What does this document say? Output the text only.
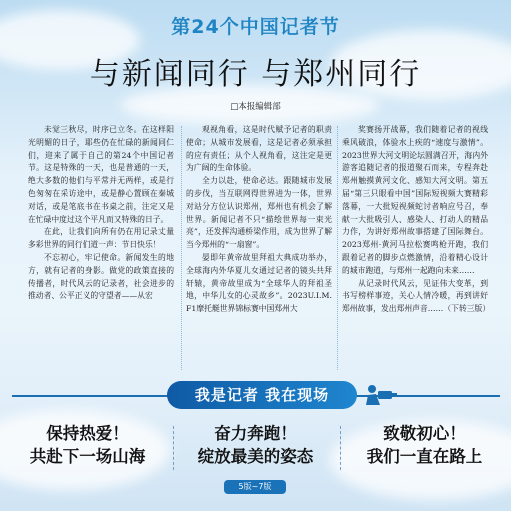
第24个中国记者节
与新闻同行 与郑州同行
□本报编辑部

未觉三秋尽，时序已立冬。在这样阳光明媚的日子，耶些仍在忙碌的新闻同仁们，迎来了属于自己的第24个中国记者节。这是特殊的一天，也是普通的一天，绝大多数的他们与平常并无两样，或是行色匆匆在采访途中，或是静心置顾在秦城对话，或是笔底书在书桌之前，注定又是在忙碌中度过这个平凡而又特殊的日子。

在此，让我们向所有仍在用记录丈量多彩世界的同行们道一声：节日快乐！

不忘初心，牢记使命。新闻发生的地方，就有记者的身影。做党的政策直接的传播者，时代风云的记录者，社会进步的推动者、公平正义的守望者——从宏

观视角看，这是时代赋予记者的职责使命；从城市发展看，这是记者必须承担的应有责任；从个人视角看，这注定是更为广阔的生命体验。

全力以赴，使命必达。跟随城市发展的步伐，当互联网得世界进为一体，世界对站分方位认识郑州，郑州也有机会了解世界。新闻记者不只“描绘世界每一束光亮”，还发挥沟通桥梁作用，成为世界了解当今郑州的“一扇窗”。

晏即年黄帝故里拜祖大典成功举办，全球海内外华夏儿女通过记者的镜头共拜轩辕，黄帝故里成为“全球华人的拜祖圣地，中华儿女的心灵故乡”。2023U.I.M. F1摩托艇世界锦标赛中国郑州大

奖赛扬开战幕，我们随着记者的视线乘风破浪，体验水上疾的“速度与激情”。2023世界大河文明论坛圆满召开，海内外游客追随记者的报道聚石而来，专程奔赴郑州触摸黄河文化、感知大河文明。第五届“第三只眼看中国”国际短视频大赛精彩落幕，一大批短视频蛇讨者响应号召，奉献一大批吸引人、感染人、打动人的精品力作，为讲好郑州故事搭建了国际舞台。2023郑州·黄河马拉松赛鸣枪开跑，我们跟着记者的脚步点燃激情，沿着精心设计的城市跑道，与郑州一起跑向未来……

从记录时代风云，见证伟大变革，到书写榜样事迹，关心人情冷暖，再到讲好郑州故事，发出郑州声音……（下转三版）

我是记者 我在现场
保持热爱！
共赴下一场山海
奋力奔跑！
绽放最美的姿态
致敬初心！
我们一直在路上
5版~7版
